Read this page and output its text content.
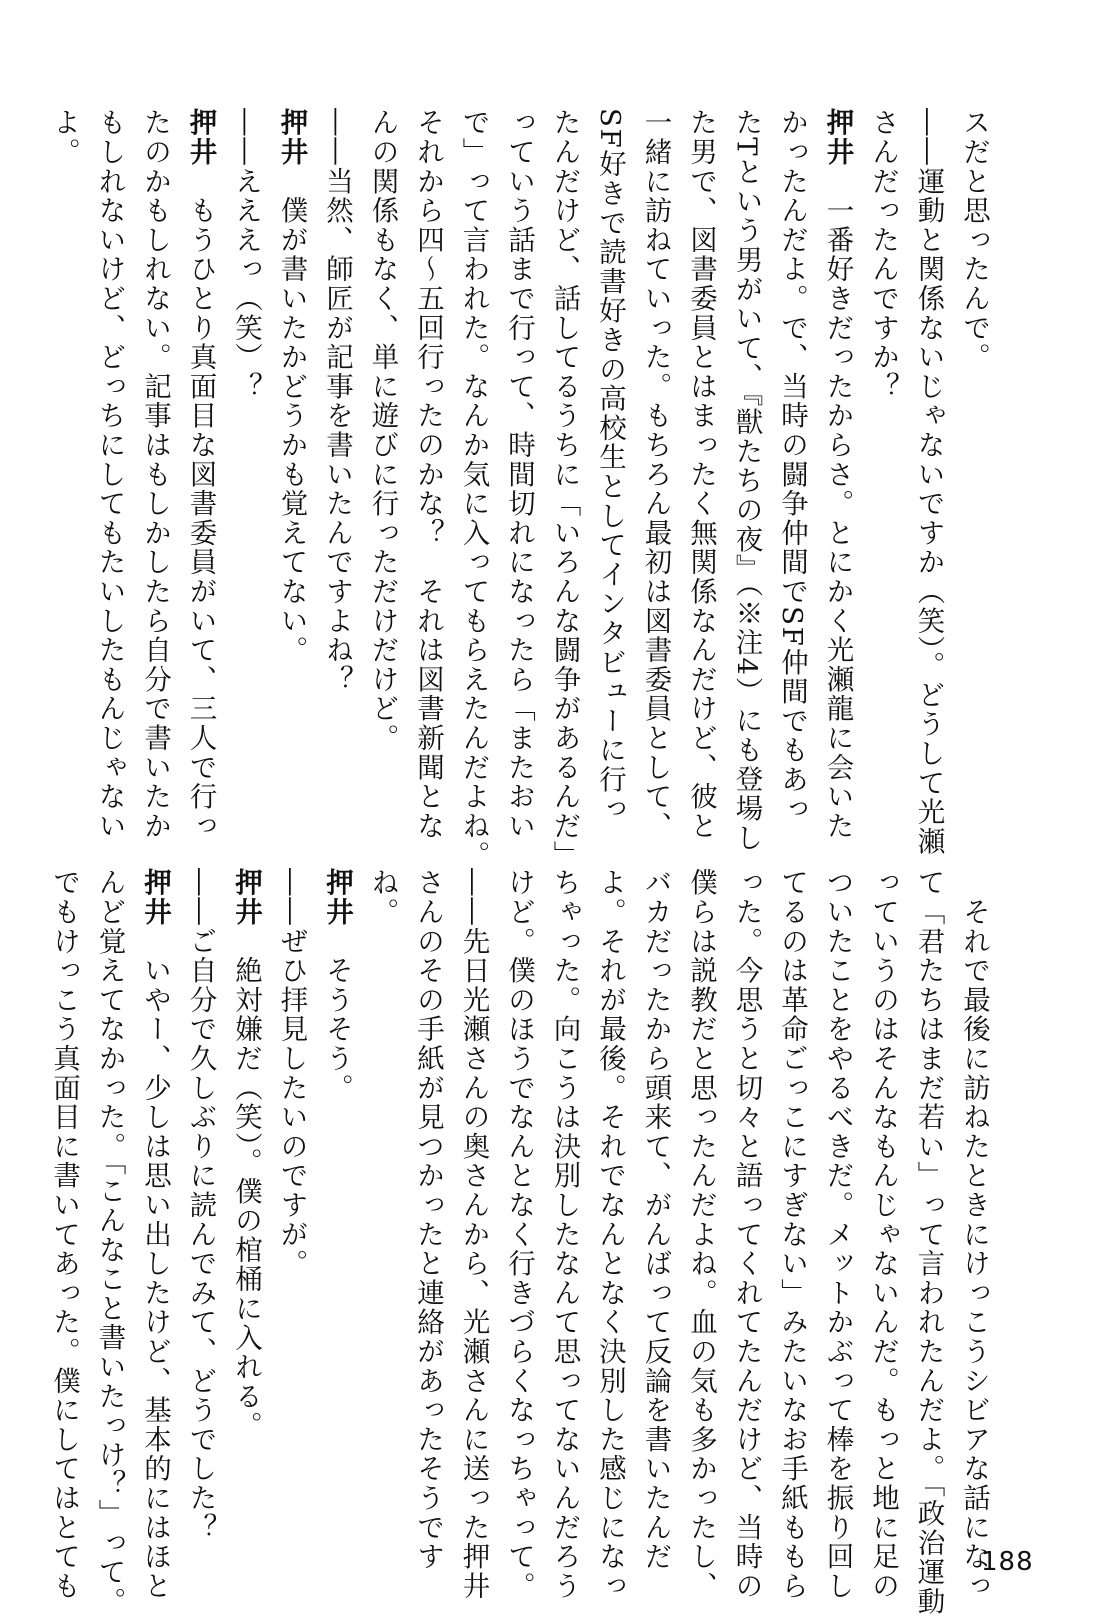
スだと思ったんで。
――運動と関係ないじゃないですか（笑）。どうして光瀬
さんだったんですか？
押井　一番好きだったからさ。とにかく光瀬龍に会いた
かったんだよ。で、当時の闘争仲間でSF仲間でもあっ
たTという男がいて、『獣たちの夜』（※注4）にも登場し
た男で、図書委員とはまったく無関係なんだけど、彼と
一緒に訪ねていった。もちろん最初は図書委員として、
SF好きで読書好きの高校生としてインタビューに行っ
たんだけど、話してるうちに「いろんな闘争があるんだ」
っていう話まで行って、時間切れになったら「またおい
で」って言われた。なんか気に入ってもらえたんだよね。
それから四〜五回行ったのかな？　それは図書新聞とな
んの関係もなく、単に遊びに行っただけだけど。
――当然、師匠が記事を書いたんですよね？
押井　僕が書いたかどうかも覚えてない。
――えええっ（笑）？
押井　もうひとり真面目な図書委員がいて、三人で行っ
たのかもしれない。記事はもしかしたら自分で書いたか
もしれないけど、どっちにしてもたいしたもんじゃない
よ。
　それで最後に訪ねたときにけっこうシビアな話になっ
て「君たちはまだ若い」って言われたんだよ。「政治運動
っていうのはそんなもんじゃないんだ。もっと地に足の
ついたことをやるべきだ。メットかぶって棒を振り回し
てるのは革命ごっこにすぎない」みたいなお手紙ももら
った。今思うと切々と語ってくれてたんだけど、当時の
僕らは説教だと思ったんだよね。血の気も多かったし、
バカだったから頭来て、がんばって反論を書いたんだ
よ。それが最後。それでなんとなく決別した感じになっ
ちゃった。向こうは決別したなんて思ってないんだろう
けど。僕のほうでなんとなく行きづらくなっちゃって。
――先日光瀬さんの奥さんから、光瀬さんに送った押井
さんのその手紙が見つかったと連絡があったそうです
ね。
押井　そうそう。
――ぜひ拝見したいのですが。
押井　絶対嫌だ（笑）。僕の棺桶に入れる。
――ご自分で久しぶりに読んでみて、どうでした？
押井　いやー、少しは思い出したけど、基本的にはほと
んど覚えてなかった。「こんなこと書いたっけ？」って。
でもけっこう真面目に書いてあった。僕にしてはとても	188
